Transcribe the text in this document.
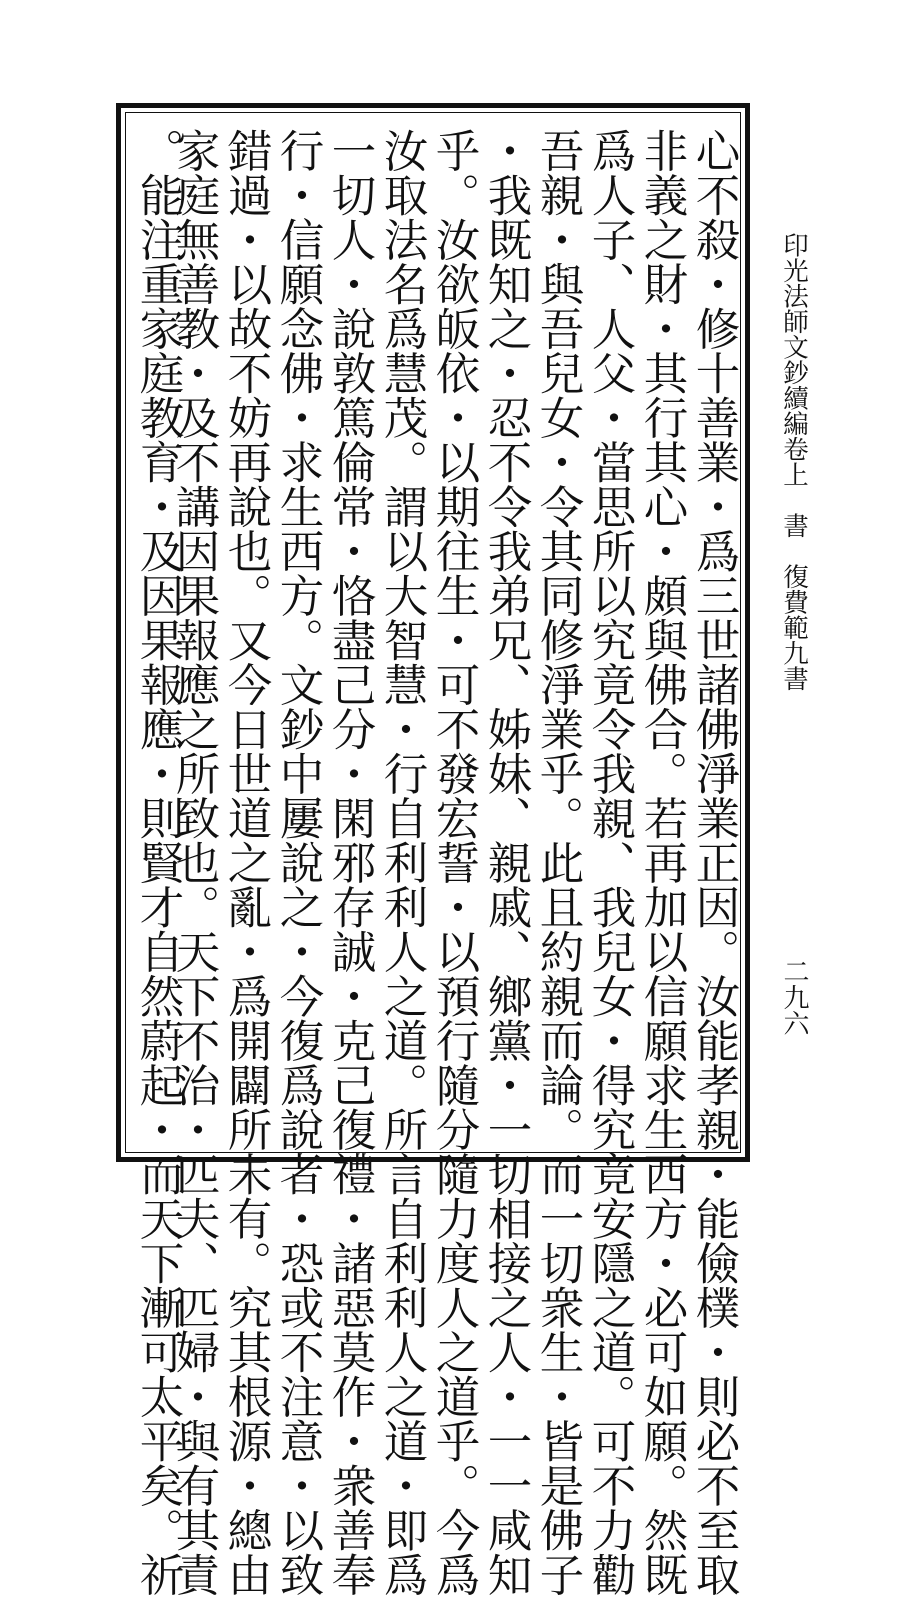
印光法師文鈔續編卷上　書　復費範九書
二九六
心不殺・修十善業・爲三世諸佛淨業正因。汝能孝親・能儉樸・則必不至取
非義之財・其行其心・頗與佛合。若再加以信願求生西方・必可如願。然既
爲人子、人父・當思所以究竟令我親、我兒女・得究竟安隱之道。可不力勸
吾親・與吾兒女・令其同修淨業乎。此且約親而論。而一切衆生・皆是佛子
・我既知之・忍不令我弟兄、姊妹、親戚、鄉黨・一切相接之人・一一咸知
乎。汝欲皈依・以期往生・可不發宏誓・以預行隨分隨力度人之道乎。今爲
汝取法名爲慧茂。謂以大智慧・行自利利人之道。所言自利利人之道・即爲
一切人・說敦篤倫常・恪盡己分・閑邪存誠・克己復禮・諸惡莫作・衆善奉
行・信願念佛・求生西方。文鈔中屢說之・今復爲說者・恐或不注意・以致
錯過・以故不妨再說也。又今日世道之亂・爲開闢所未有。究其根源・總由
家庭無善教・及不講因果報應之所致也。天下不治・匹夫、匹婦・與有其責
。能注重家庭教育・及因果報應・則賢才自然蔚起・而天下漸可太平矣。祈
